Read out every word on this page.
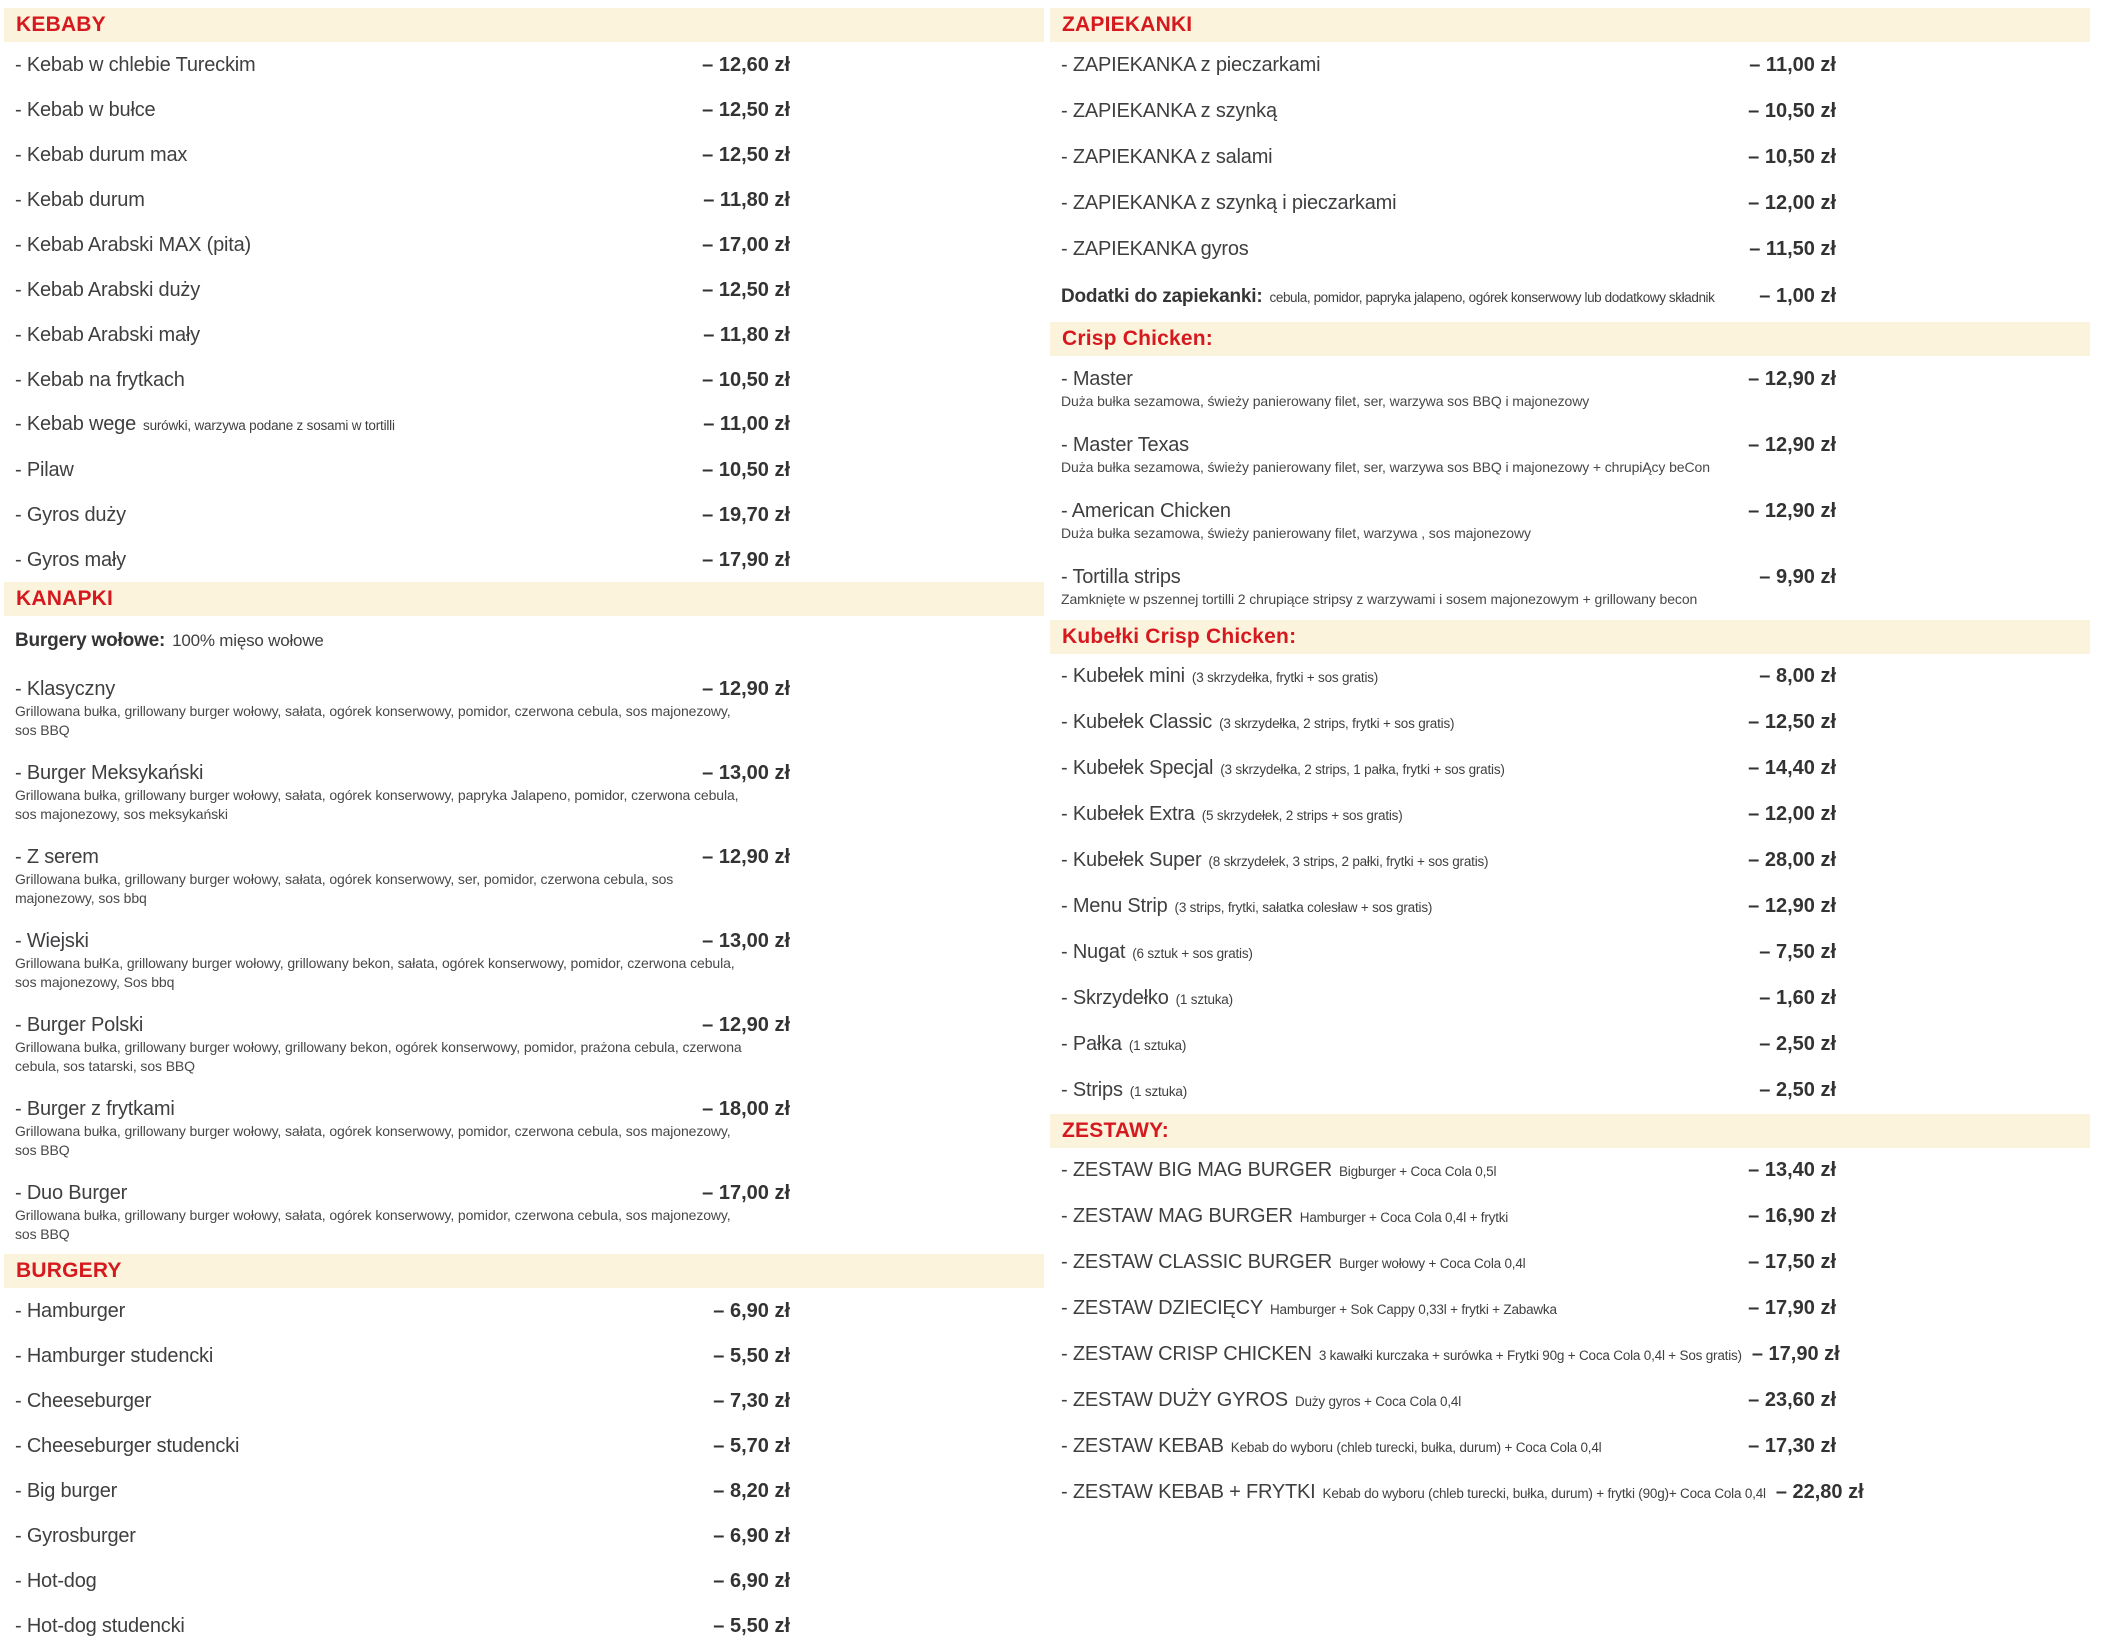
KEBABY
- Kebab w chlebie Tureckim	– 12,60 zł
- Kebab w bułce	– 12,50 zł
- Kebab durum max	– 12,50 zł
- Kebab durum	– 11,80 zł
- Kebab Arabski MAX (pita)	– 17,00 zł
- Kebab Arabski duży	– 12,50 zł
- Kebab Arabski mały	– 11,80 zł
- Kebab na frytkach	– 10,50 zł
- Kebab wege surówki, warzywa podane z sosami w tortilli	– 11,00 zł
- Pilaw	– 10,50 zł
- Gyros duży	– 19,70 zł
- Gyros mały	– 17,90 zł
KANAPKI
Burgery wołowe: 100% mięso wołowe
- Klasyczny	– 12,90 zł
Grillowana bułka, grillowany burger wołowy, sałata, ogórek konserwowy, pomidor, czerwona cebula, sos majonezowy, sos BBQ
- Burger Meksykański	– 13,00 zł
Grillowana bułka, grillowany burger wołowy, sałata, ogórek konserwowy, papryka Jalapeno, pomidor, czerwona cebula, sos majonezowy, sos meksykański
- Z serem	– 12,90 zł
Grillowana bułka, grillowany burger wołowy, sałata, ogórek konserwowy, ser, pomidor, czerwona cebula, sos majonezowy, sos bbq
- Wiejski	– 13,00 zł
Grillowana bułKa, grillowany burger wołowy, grillowany bekon, sałata, ogórek konserwowy, pomidor, czerwona cebula, sos majonezowy, Sos bbq
- Burger Polski	– 12,90 zł
Grillowana bułka, grillowany burger wołowy, grillowany bekon, ogórek konserwowy, pomidor, prażona cebula, czerwona cebula, sos tatarski, sos BBQ
- Burger z frytkami	– 18,00 zł
Grillowana bułka, grillowany burger wołowy, sałata, ogórek konserwowy, pomidor, czerwona cebula, sos majonezowy, sos BBQ
- Duo Burger	– 17,00 zł
Grillowana bułka, grillowany burger wołowy, sałata, ogórek konserwowy, pomidor, czerwona cebula, sos majonezowy, sos BBQ
BURGERY
- Hamburger	– 6,90 zł
- Hamburger studencki	– 5,50 zł
- Cheeseburger	– 7,30 zł
- Cheeseburger studencki	– 5,70 zł
- Big burger	– 8,20 zł
- Gyrosburger	– 6,90 zł
- Hot-dog	– 6,90 zł
- Hot-dog studencki	– 5,50 zł
ZAPIEKANKI
- ZAPIEKANKA z pieczarkami	– 11,00 zł
- ZAPIEKANKA z szynką	– 10,50 zł
- ZAPIEKANKA z salami	– 10,50 zł
- ZAPIEKANKA z szynką i pieczarkami	– 12,00 zł
- ZAPIEKANKA gyros	– 11,50 zł
Dodatki do zapiekanki: cebula, pomidor, papryka jalapeno, ogórek konserwowy lub dodatkowy składnik	– 1,00 zł
Crisp Chicken:
- Master	– 12,90 zł
Duża bułka sezamowa, świeży panierowany filet, ser, warzywa sos BBQ i majonezowy
- Master Texas	– 12,90 zł
Duża bułka sezamowa, świeży panierowany filet, ser, warzywa sos BBQ i majonezowy + chrupiĄcy beCon
- American Chicken	– 12,90 zł
Duża bułka sezamowa, świeży panierowany filet, warzywa , sos majonezowy
- Tortilla strips	– 9,90 zł
Zamknięte w pszennej tortilli 2 chrupiące stripsy z warzywami i sosem majonezowym + grillowany becon
Kubełki Crisp Chicken:
- Kubełek mini (3 skrzydełka, frytki + sos gratis)	– 8,00 zł
- Kubełek Classic (3 skrzydełka, 2 strips, frytki + sos gratis)	– 12,50 zł
- Kubełek Specjal (3 skrzydełka, 2 strips, 1 pałka, frytki + sos gratis)	– 14,40 zł
- Kubełek Extra (5 skrzydełek, 2 strips + sos gratis)	– 12,00 zł
- Kubełek Super (8 skrzydełek, 3 strips, 2 pałki, frytki + sos gratis)	– 28,00 zł
- Menu Strip (3 strips, frytki, sałatka colesław + sos gratis)	– 12,90 zł
- Nugat (6 sztuk + sos gratis)	– 7,50 zł
- Skrzydełko (1 sztuka)	– 1,60 zł
- Pałka (1 sztuka)	– 2,50 zł
- Strips (1 sztuka)	– 2,50 zł
ZESTAWY:
- ZESTAW BIG MAG BURGER Bigburger + Coca Cola 0,5l	– 13,40 zł
- ZESTAW MAG BURGER Hamburger + Coca Cola 0,4l + frytki	– 16,90 zł
- ZESTAW CLASSIC BURGER Burger wołowy + Coca Cola 0,4l	– 17,50 zł
- ZESTAW DZIECIĘCY Hamburger + Sok Cappy 0,33l + frytki + Zabawka	– 17,90 zł
- ZESTAW CRISP CHICKEN 3 kawałki kurczaka + surówka + Frytki 90g + Coca Cola 0,4l + Sos gratis) – 17,90 zł
- ZESTAW DUŻY GYROS Duży gyros + Coca Cola 0,4l	– 23,60 zł
- ZESTAW KEBAB Kebab do wyboru (chleb turecki, bułka, durum) + Coca Cola 0,4l	– 17,30 zł
- ZESTAW KEBAB + FRYTKI Kebab do wyboru (chleb turecki, bułka, durum) + frytki (90g)+ Coca Cola 0,4l – 22,80 zł
